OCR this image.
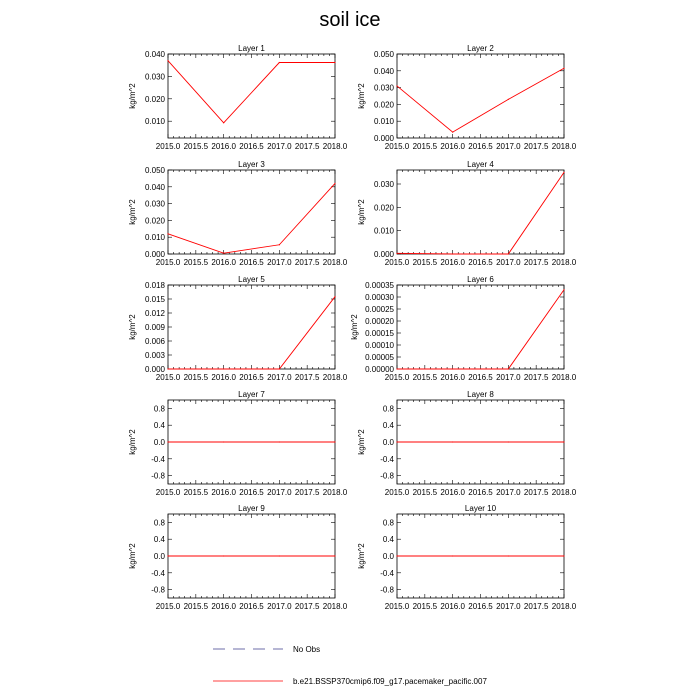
soil ice
No Obs
b.e21.BSSP370cmip6.f09_g17.pacemaker_pacific.007
Layer 1
2015.0 2015.5 2016.0 2016.5 2017.0 2017.5 2018.0
0.010
0.020
0.030
0.040
kg/m^2
Layer 2
2015.0 2015.5 2016.0 2016.5 2017.0 2017.5 2018.0
0.000
0.010
0.020
0.030
0.040
0.050
kg/m^2
Layer 3
2015.0 2015.5 2016.0 2016.5 2017.0 2017.5 2018.0
0.000
0.010
0.020
0.030
0.040
0.050
kg/m^2
Layer 4
2015.0 2015.5 2016.0 2016.5 2017.0 2017.5 2018.0
0.000
0.010
0.020
0.030
kg/m^2
Layer 5
2015.0 2015.5 2016.0 2016.5 2017.0 2017.5 2018.0
0.000
0.003
0.006
0.009
0.012
0.015
0.018
kg/m^2
Layer 6
2015.0 2015.5 2016.0 2016.5 2017.0 2017.5 2018.0
0.00000
0.00005
0.00010
0.00015
0.00020
0.00025
0.00030
0.00035
kg/m^2
Layer 7
2015.0 2015.5 2016.0 2016.5 2017.0 2017.5 2018.0
-0.8
-0.4
0.0
0.4
0.8
kg/m^2
Layer 8
2015.0 2015.5 2016.0 2016.5 2017.0 2017.5 2018.0
-0.8
-0.4
0.0
0.4
0.8
kg/m^2
Layer 9
2015.0 2015.5 2016.0 2016.5 2017.0 2017.5 2018.0
-0.8
-0.4
0.0
0.4
0.8
kg/m^2
Layer 10
2015.0 2015.5 2016.0 2016.5 2017.0 2017.5 2018.0
-0.8
-0.4
0.0
0.4
0.8
kg/m^2
